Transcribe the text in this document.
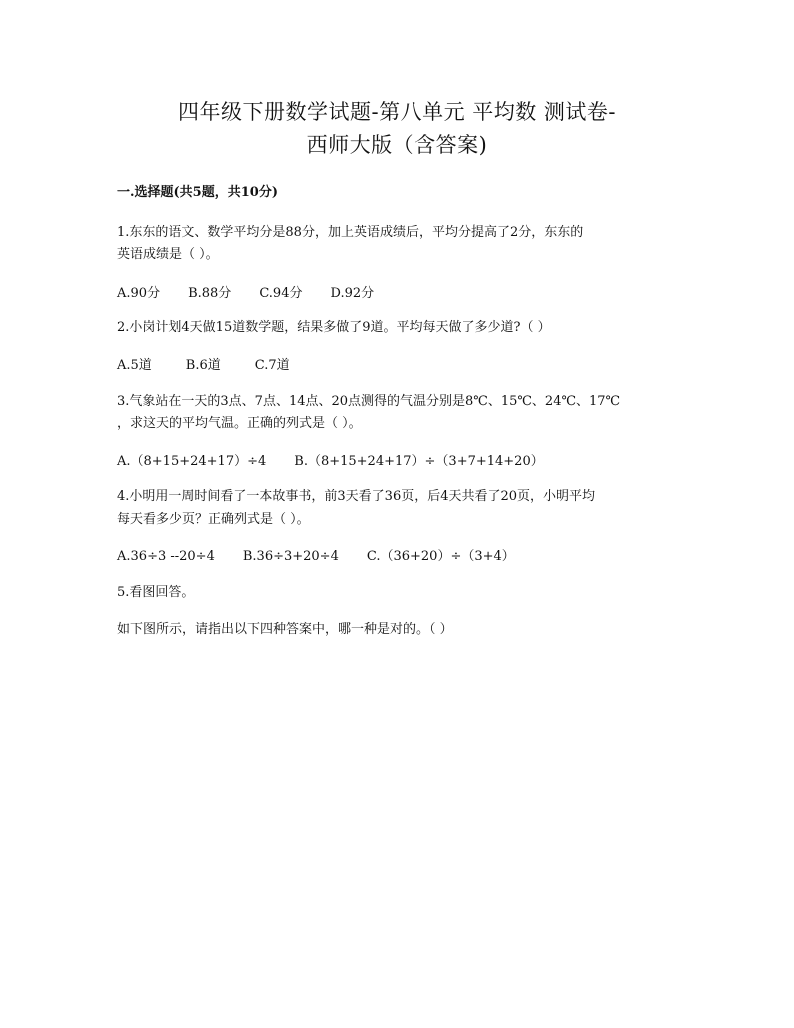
四年级下册数学试题-第八单元 平均数 测试卷-
西师大版（含答案)
一.选择题(共5题，共10分)
1.东东的语文、数学平均分是88分，加上英语成绩后，平均分提高了2分，东东的
英语成绩是（ ）。
A.90分 B.88分 C.94分 D.92分
2.小岗计划4天做15道数学题，结果多做了9道。平均每天做了多少道?（ ）
A.5道	B.6道	C.7道
3.气象站在一天的3点、7点、14点、20点测得的气温分别是8℃、15℃、24℃、17℃
，求这天的平均气温。正确的列式是（ ）。
A.（8+15+24+17）÷4 B.（8+15+24+17）÷（3+7+14+20）
4.小明用一周时间看了一本故事书，前3天看了36页，后4天共看了20页，小明平均
每天看多少页？正确列式是（ ）。
A.36÷3 --20÷4 B.36÷3+20÷4 C.（36+20）÷（3+4）
5.看图回答。
如下图所示，请指出以下四种答案中，哪一种是对的。（ ）
